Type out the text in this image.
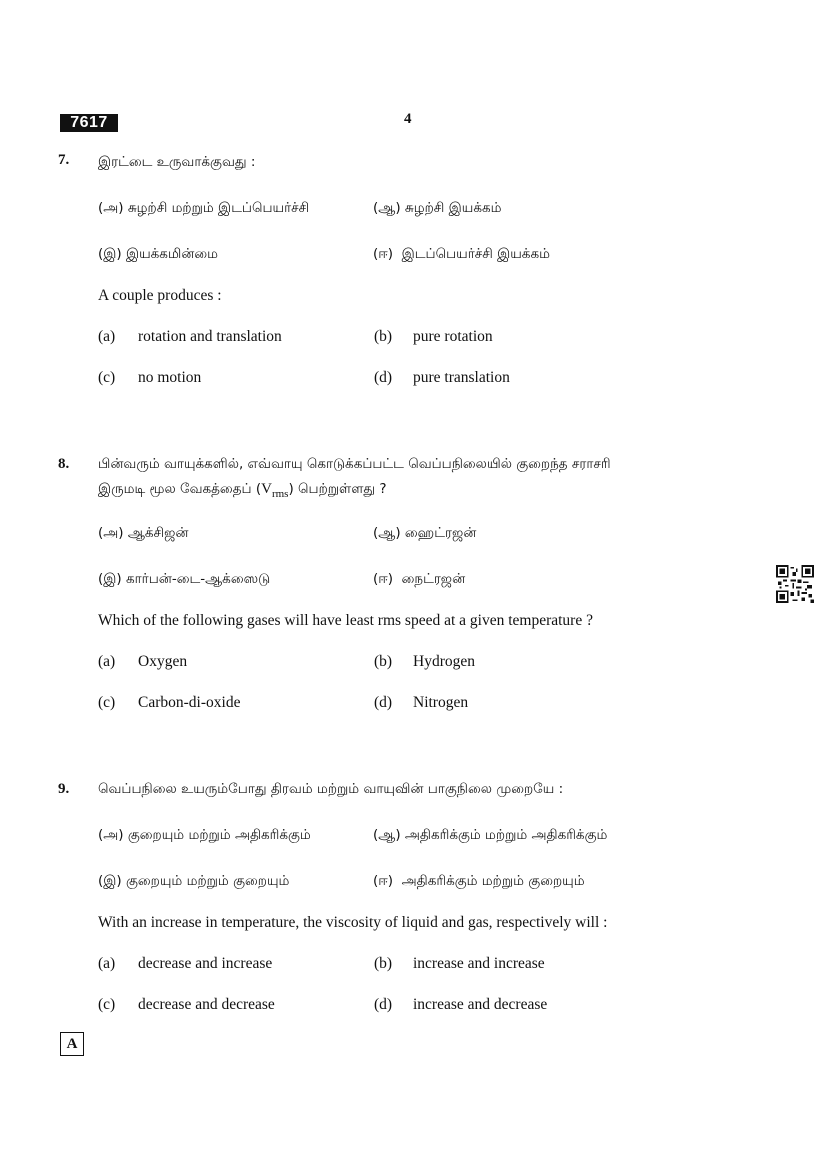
7617	4
7. இரட்டை உருவாக்குவது :
(அ) சுழற்சி மற்றும் இடப்பெயர்ச்சி	(ஆ) சுழற்சி இயக்கம்
(இ) இயக்கமின்மை	(ஈ) இடப்பெயர்ச்சி இயக்கம்
A couple produces :
(a) rotation and translation	(b) pure rotation
(c) no motion	(d) pure translation
8. பின்வரும் வாயுக்களில், எவ்வாயு கொடுக்கப்பட்ட வெப்பநிலையில் குறைந்த சராசரி
இருமடி மூல வேகத்தைப் $(V_{rms})$ பெற்றுள்ளது ?
(அ) ஆக்சிஜன்	(ஆ) ஹைட்ரஜன்
(இ) கார்பன்-டை-ஆக்ஸைடு	(ஈ) நைட்ரஜன்
Which of the following gases will have least rms speed at a given temperature ?
(a) Oxygen	(b) Hydrogen
(c) Carbon-di-oxide	(d) Nitrogen
9. வெப்பநிலை உயரும்போது திரவம் மற்றும் வாயுவின் பாகுநிலை முறையே :
(அ) குறையும் மற்றும் அதிகரிக்கும்	(ஆ) அதிகரிக்கும் மற்றும் அதிகரிக்கும்
(இ) குறையும் மற்றும் குறையும்	(ஈ) அதிகரிக்கும் மற்றும் குறையும்
With an increase in temperature, the viscosity of liquid and gas, respectively will :
(a) decrease and increase	(b) increase and increase
(c) decrease and decrease	(d) increase and decrease
A
